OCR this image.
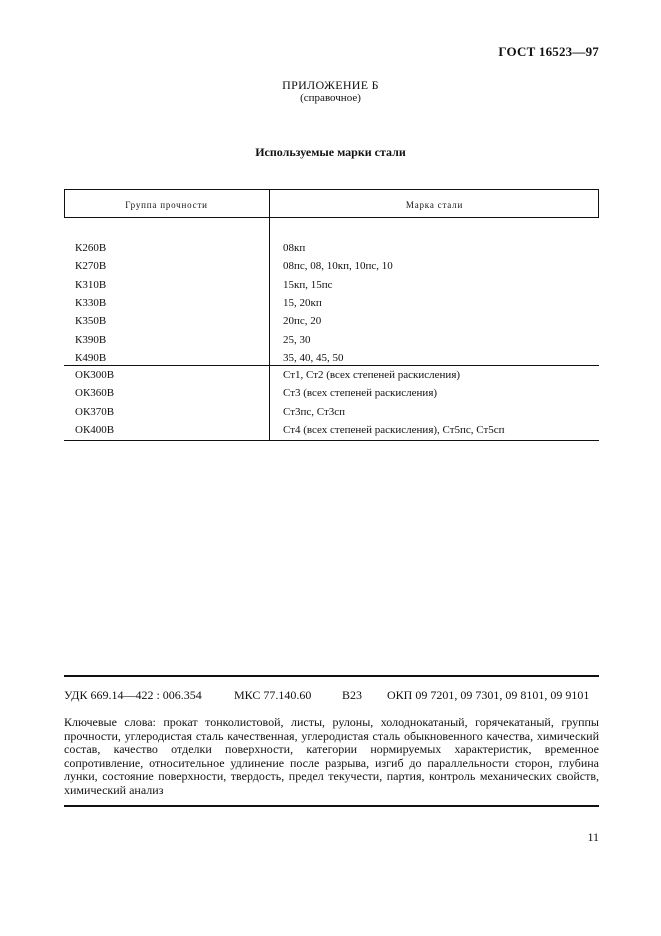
ГОСТ 16523—97
ПРИЛОЖЕНИЕ Б
(справочное)
Используемые марки стали
Группа прочности	Марка стали
К260В	08кп
К270В	08пс, 08, 10кп, 10пс, 10
К310В	15кп, 15пс
К330В	15, 20кп
К350В	20пс, 20
К390В	25, 30
К490В	35, 40, 45, 50
ОК300В	Ст1, Ст2 (всех степеней раскисления)
ОК360В	Ст3 (всех степеней раскисления)
ОК370В	Ст3пс, Ст3сп
ОК400В	Ст4 (всех степеней раскисления), Ст5пс, Ст5сп
УДК 669.14—422 : 006.354	МКС 77.140.60	В23 ОКП 09 7201, 09 7301, 09 8101, 09 9101
Ключевые слова: прокат тонколистовой, листы, рулоны, холоднокатаный, горячекатаный, группы прочности, углеродистая сталь качественная, углеродистая сталь обыкновенного качества, химический состав, качество отделки поверхности, категории нормируемых характеристик, временное сопротивление, относительное удлинение после разрыва, изгиб до параллельности сторон, глубина лунки, состояние поверхности, твердость, предел текучести, партия, контроль механических свойств, химический анализ
11
